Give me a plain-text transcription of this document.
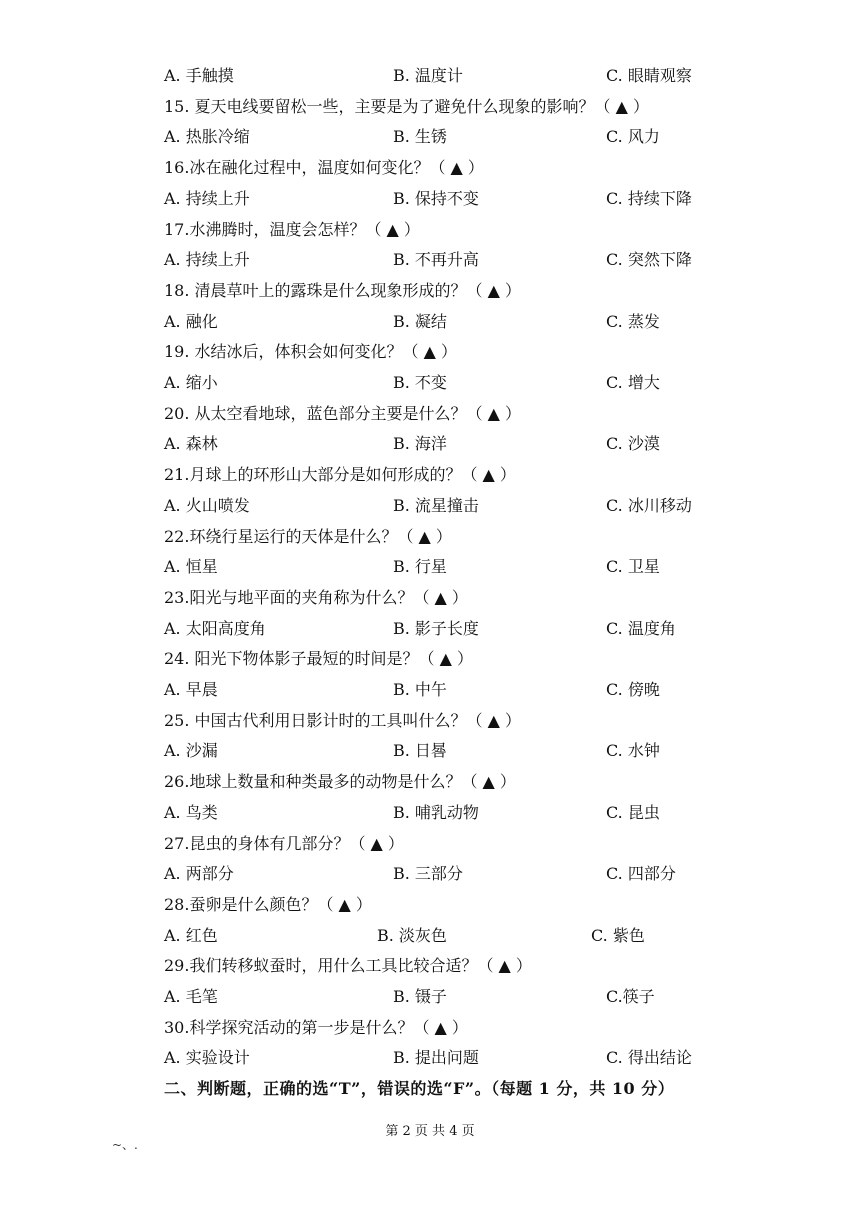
A. 手触摸	B. 温度计	C. 眼睛观察
15. 夏天电线要留松一些，主要是为了避免什么现象的影响？（ ▲ ）
A. 热胀冷缩	B. 生锈	C. 风力
16.冰在融化过程中，温度如何变化？（ ▲ ）
A. 持续上升	B. 保持不变	C. 持续下降
17.水沸腾时，温度会怎样？（ ▲ ）
A. 持续上升	B. 不再升高	C. 突然下降
18. 清晨草叶上的露珠是什么现象形成的？（ ▲ ）
A. 融化	B. 凝结	C. 蒸发
19. 水结冰后，体积会如何变化？（ ▲ ）
A. 缩小	B. 不变	C. 增大
20. 从太空看地球，蓝色部分主要是什么？（ ▲ ）
A. 森林	B. 海洋	C. 沙漠
21.月球上的环形山大部分是如何形成的？（ ▲ ）
A. 火山喷发	B. 流星撞击	C. 冰川移动
22.环绕行星运行的天体是什么？（ ▲ ）
A. 恒星	B. 行星	C. 卫星
23.阳光与地平面的夹角称为什么？（ ▲ ）
A. 太阳高度角	B. 影子长度	C. 温度角
24. 阳光下物体影子最短的时间是？（ ▲ ）
A. 早晨	B. 中午	C. 傍晚
25. 中国古代利用日影计时的工具叫什么？（ ▲ ）
A. 沙漏	B. 日晷	C. 水钟
26.地球上数量和种类最多的动物是什么？（ ▲ ）
A. 鸟类	B. 哺乳动物	C. 昆虫
27.昆虫的身体有几部分？（ ▲ ）
A. 两部分	B. 三部分	C. 四部分
28.蚕卵是什么颜色？（ ▲ ）
A. 红色	B. 淡灰色	C. 紫色
29.我们转移蚁蚕时，用什么工具比较合适？（ ▲ ）
A. 毛笔	B. 镊子	C.筷子
30.科学探究活动的第一步是什么？（ ▲ ）
A. 实验设计	B. 提出问题	C. 得出结论
二、判断题，正确的选“T”，错误的选“F”。（每题 1 分，共 10 分）
第 2 页 共 4 页
~、.
